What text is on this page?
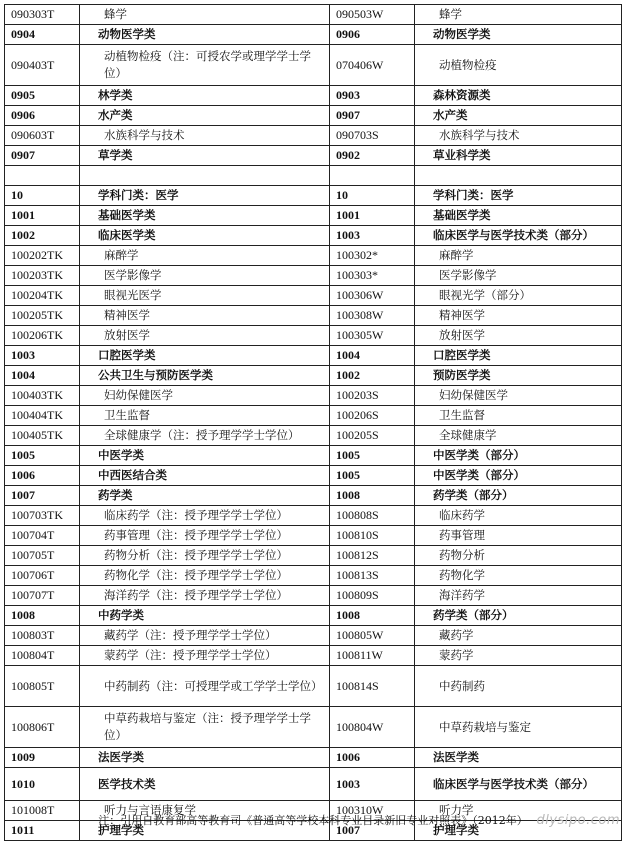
090303T	蜂学	090503W	蜂学

0904	动物医学类	0906	动物医学类

090403T	动植物检疫（注：可授农学或理学学士学位）	070406W	动植物检疫

0905	林学类	0903	森林资源类

0906	水产类	0907	水产类

090603T	水族科学与技术	090703S	水族科学与技术

0907	草学类	0902	草业科学类

10	学科门类：医学	10	学科门类：医学

1001	基础医学类	1001	基础医学类

1002	临床医学类	1003	临床医学与医学技术类（部分）

100202TK	麻醉学	100302*	麻醉学

100203TK	医学影像学	100303*	医学影像学

100204TK	眼视光医学	100306W	眼视光学（部分）

100205TK	精神医学	100308W	精神医学

100206TK	放射医学	100305W	放射医学

1003	口腔医学类	1004	口腔医学类

1004	公共卫生与预防医学类	1002	预防医学类

100403TK	妇幼保健医学	100203S	妇幼保健医学

100404TK	卫生监督	100206S	卫生监督

100405TK	全球健康学（注：授予理学学士学位）	100205S	全球健康学

1005	中医学类	1005	中医学类（部分）

1006	中西医结合类	1005	中医学类（部分）

1007	药学类	1008	药学类（部分）

100703TK	临床药学（注：授予理学学士学位）	100808S	临床药学

100704T	药事管理（注：授予理学学士学位）	100810S	药事管理

100705T	药物分析（注：授予理学学士学位）	100812S	药物分析

100706T	药物化学（注：授予理学学士学位）	100813S	药物化学

100707T	海洋药学（注：授予理学学士学位）	100809S	海洋药学

1008	中药学类	1008	药学类（部分）

100803T	藏药学（注：授予理学学士学位）	100805W	藏药学

100804T	蒙药学（注：授予理学学士学位）	100811W	蒙药学

100805T	中药制药（注：可授理学或工学学士学位）	100814S	中药制药

100806T	中草药栽培与鉴定（注：授予理学学士学位）	100804W	中草药栽培与鉴定

1009	法医学类	1006	法医学类

1010	医学技术类	1003	临床医学与医学技术类（部分）

101008T	听力与言语康复学	100310W	听力学

1011	护理学类	1007	护理学类
注：引用自教育部高等教育司《普通高等学校本科专业目录新旧专业对照表》（2012年） dlysipo.com
